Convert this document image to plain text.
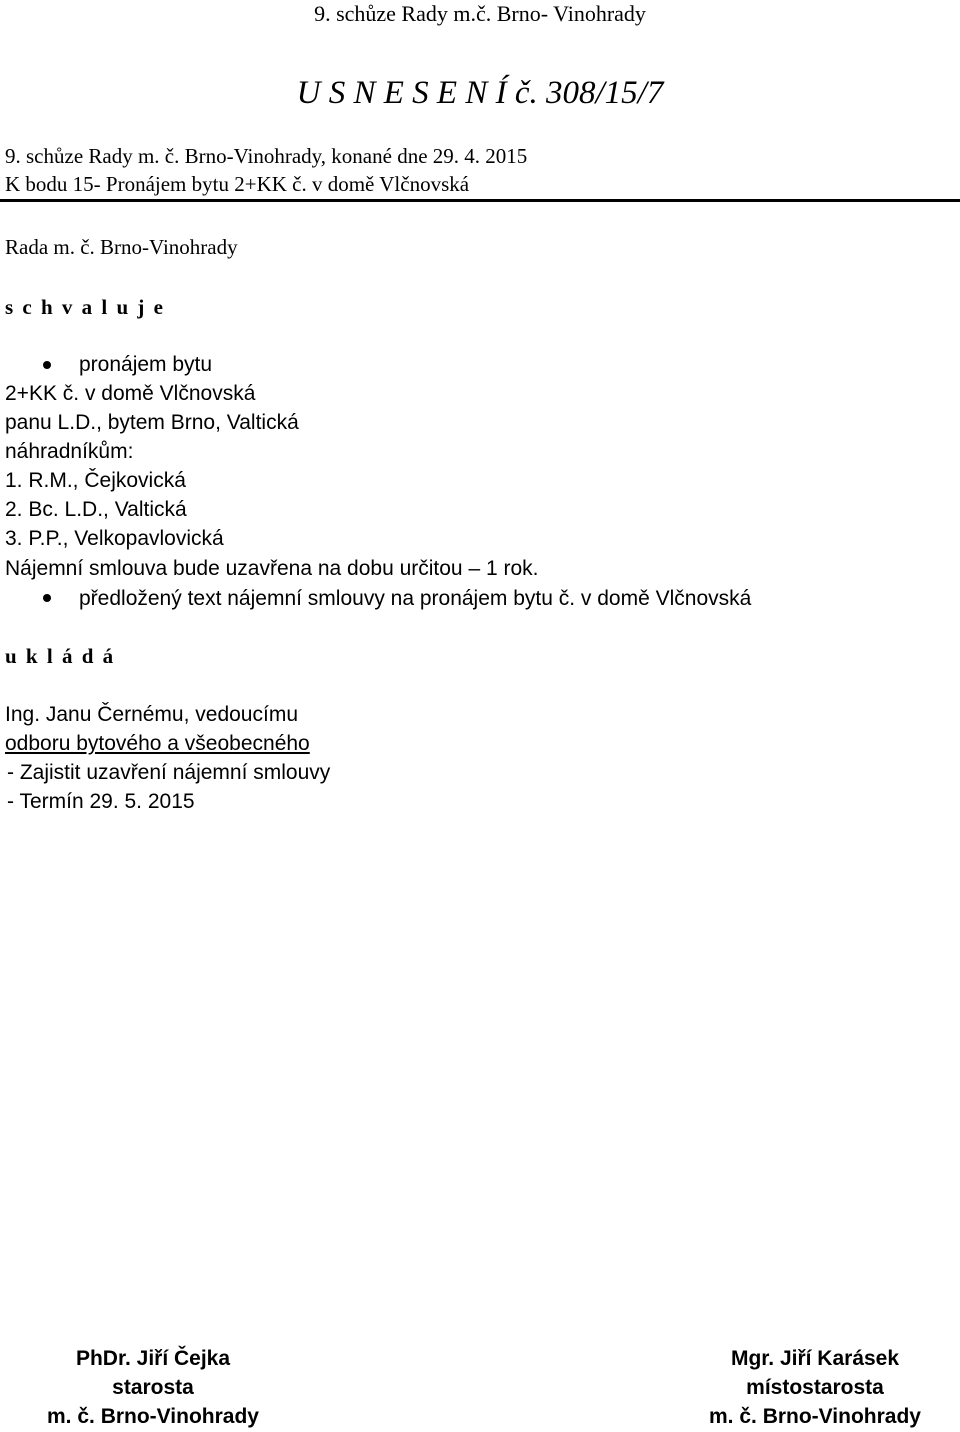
9. schůze Rady m.č. Brno- Vinohrady
U S N E S E N Í č. 308/15/7
9. schůze Rady m. č. Brno-Vinohrady, konané dne 29. 4. 2015
K bodu 15- Pronájem bytu 2+KK č. v domě Vlčnovská
Rada m. č. Brno-Vinohrady
s c h v a l u j e
pronájem bytu
2+KK č. v domě Vlčnovská
panu L.D., bytem Brno, Valtická
náhradníkům:
1. R.M., Čejkovická
2. Bc. L.D., Valtická
3. P.P., Velkopavlovická
Nájemní smlouva bude uzavřena na dobu určitou – 1 rok.
předložený text nájemní smlouvy na pronájem bytu č. v domě Vlčnovská
u k l á d á
Ing. Janu Černému, vedoucímu
odboru bytového a všeobecného
- Zajistit uzavření nájemní smlouvy
- Termín 29. 5. 2015
PhDr. Jiří Čejka
starosta
m. č. Brno-Vinohrady
Mgr. Jiří Karásek
místostarosta
m. č. Brno-Vinohrady
